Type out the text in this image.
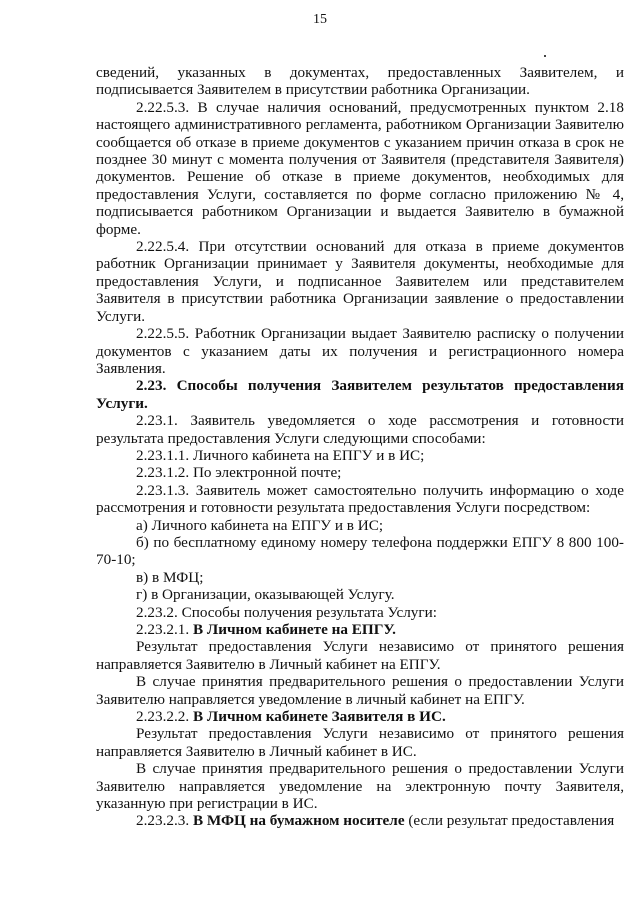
15

сведений, указанных в документах, предоставленных Заявителем, и подписывается Заявителем в присутствии работника Организации.

2.22.5.3. В случае наличия оснований, предусмотренных пунктом 2.18 настоящего административного регламента, работником Организации Заявителю сообщается об отказе в приеме документов с указанием причин отказа в срок не позднее 30 минут с момента получения от Заявителя (представителя Заявителя) документов. Решение об отказе в приеме документов, необходимых для предоставления Услуги, составляется по форме согласно приложению № 4, подписывается работником Организации и выдается Заявителю в бумажной форме.

2.22.5.4. При отсутствии оснований для отказа в приеме документов работник Организации принимает у Заявителя документы, необходимые для предоставления Услуги, и подписанное Заявителем или представителем Заявителя в присутствии работника Организации заявление о предоставлении Услуги.

2.22.5.5. Работник Организации выдает Заявителю расписку о получении документов с указанием даты их получения и регистрационного номера Заявления.

2.23. Способы получения Заявителем результатов предоставления Услуги.

2.23.1. Заявитель уведомляется о ходе рассмотрения и готовности результата предоставления Услуги следующими способами:

2.23.1.1. Личного кабинета на ЕПГУ и в ИС;

2.23.1.2. По электронной почте;

2.23.1.3. Заявитель может самостоятельно получить информацию о ходе рассмотрения и готовности результата предоставления Услуги посредством:

а) Личного кабинета на ЕПГУ и в ИС;

б) по бесплатному единому номеру телефона поддержки ЕПГУ 8 800 100-70-10;

в) в МФЦ;

г) в Организации, оказывающей Услугу.

2.23.2. Способы получения результата Услуги:

2.23.2.1. В Личном кабинете на ЕПГУ.

Результат предоставления Услуги независимо от принятого решения направляется Заявителю в Личный кабинет на ЕПГУ.

В случае принятия предварительного решения о предоставлении Услуги Заявителю направляется уведомление в личный кабинет на ЕПГУ.

2.23.2.2. В Личном кабинете Заявителя в ИС.

Результат предоставления Услуги независимо от принятого решения направляется Заявителю в Личный кабинет в ИС.

В случае принятия предварительного решения о предоставлении Услуги Заявителю направляется уведомление на электронную почту Заявителя, указанную при регистрации в ИС.

2.23.2.3. В МФЦ на бумажном носителе (если результат предоставления
